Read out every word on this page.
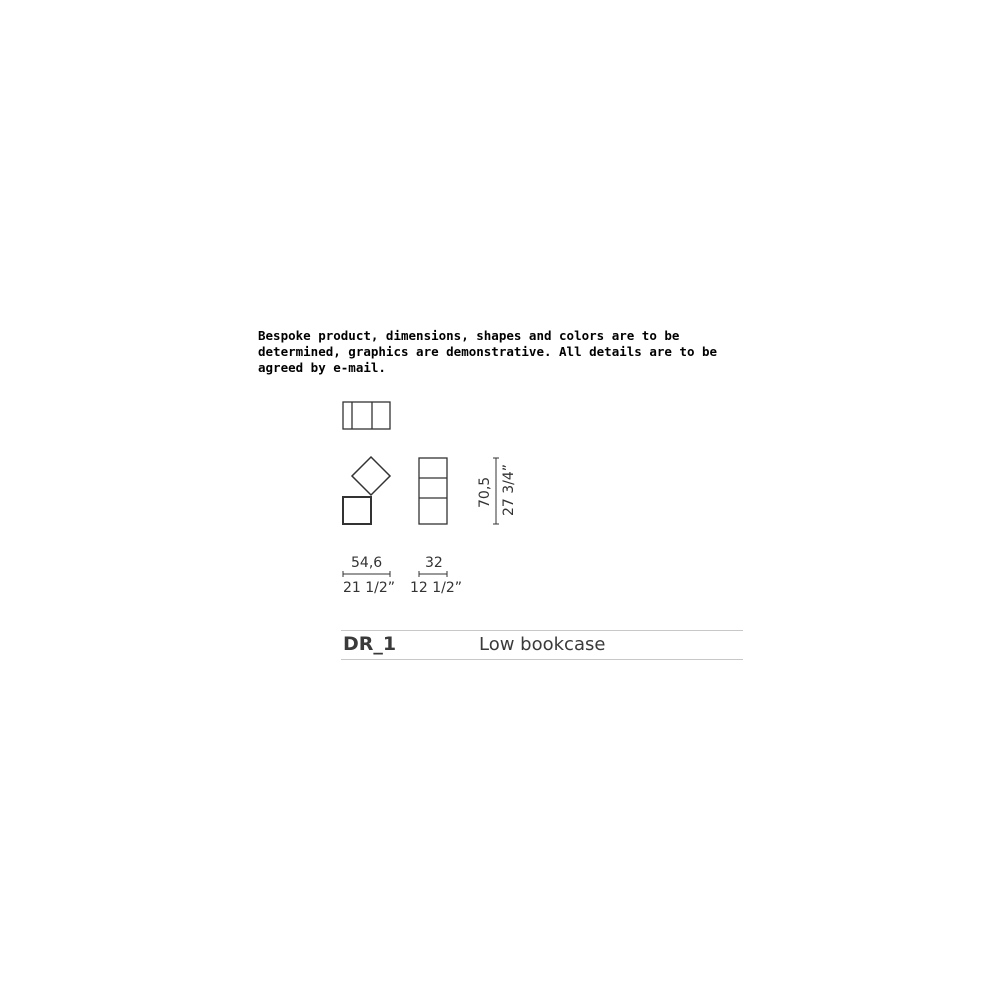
Bespoke product, dimensions, shapes and colors are to be
determined, graphics are demonstrative. All details are to be
agreed by e-mail.
70,5 27 3/4”
54,6
21 1/2”
32
12 1/2”
DR_1	Low bookcase
